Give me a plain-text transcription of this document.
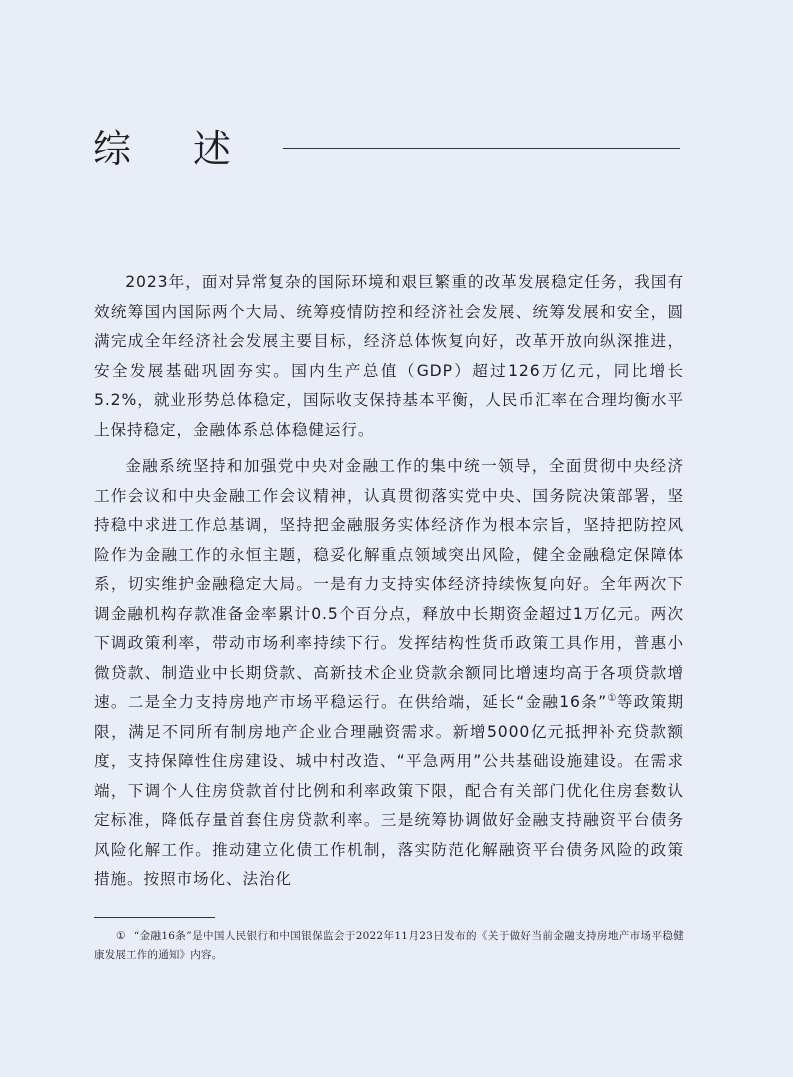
综 述

2023年，面对异常复杂的国际环境和艰巨繁重的改革发展稳定任务，我国有效统筹国内国际两个大局、统筹疫情防控和经济社会发展、统筹发展和安全，圆满完成全年经济社会发展主要目标，经济总体恢复向好，改革开放向纵深推进，安全发展基础巩固夯实。国内生产总值（GDP）超过126万亿元，同比增长5.2%，就业形势总体稳定，国际收支保持基本平衡，人民币汇率在合理均衡水平上保持稳定，金融体系总体稳健运行。

金融系统坚持和加强党中央对金融工作的集中统一领导，全面贯彻中央经济工作会议和中央金融工作会议精神，认真贯彻落实党中央、国务院决策部署，坚持稳中求进工作总基调，坚持把金融服务实体经济作为根本宗旨，坚持把防控风险作为金融工作的永恒主题，稳妥化解重点领域突出风险，健全金融稳定保障体系，切实维护金融稳定大局。一是有力支持实体经济持续恢复向好。全年两次下调金融机构存款准备金率累计0.5个百分点，释放中长期资金超过1万亿元。两次下调政策利率，带动市场利率持续下行。发挥结构性货币政策工具作用，普惠小微贷款、制造业中长期贷款、高新技术企业贷款余额同比增速均高于各项贷款增速。二是全力支持房地产市场平稳运行。在供给端，延长“金融16条”①等政策期限，满足不同所有制房地产企业合理融资需求。新增5000亿元抵押补充贷款额度，支持保障性住房建设、城中村改造、“平急两用”公共基础设施建设。在需求端，下调个人住房贷款首付比例和利率政策下限，配合有关部门优化住房套数认定标准，降低存量首套住房贷款利率。三是统筹协调做好金融支持融资平台债务风险化解工作。推动建立化债工作机制，落实防范化解融资平台债务风险的政策措施。按照市场化、法治化

① “金融16条”是中国人民银行和中国银保监会于2022年11月23日发布的《关于做好当前金融支持房地产市场平稳健康发展工作的通知》内容。
